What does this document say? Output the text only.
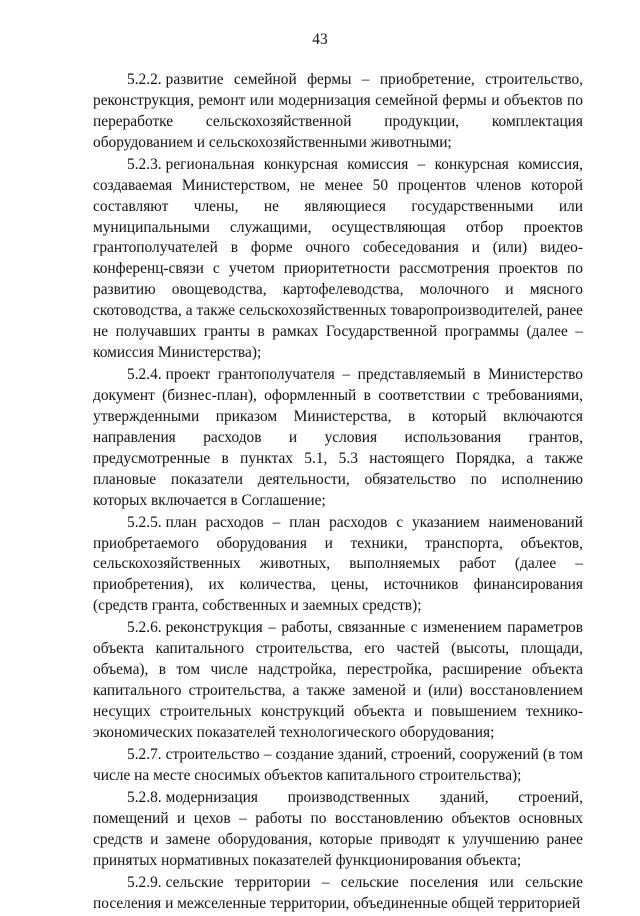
43

5.2.2. развитие семейной фермы – приобретение, строительство, реконструкция, ремонт или модернизация семейной фермы и объектов по переработке сельскохозяйственной продукции, комплектация оборудованием и сельскохозяйственными животными;

5.2.3. региональная конкурсная комиссия – конкурсная комиссия, создаваемая Министерством, не менее 50 процентов членов которой составляют члены, не являющиеся государственными или муниципальными служащими, осуществляющая отбор проектов грантополучателей в форме очного собеседования и (или) видео-конференц-связи с учетом приоритетности рассмотрения проектов по развитию овощеводства, картофелеводства, молочного и мясного скотоводства, а также сельскохозяйственных товаропроизводителей, ранее не получавших гранты в рамках Государственной программы (далее – комиссия Министерства);

5.2.4. проект грантополучателя – представляемый в Министерство документ (бизнес-план), оформленный в соответствии с требованиями, утвержденными приказом Министерства, в который включаются направления расходов и условия использования грантов, предусмотренные в пунктах 5.1, 5.3 настоящего Порядка, а также плановые показатели деятельности, обязательство по исполнению которых включается в Соглашение;

5.2.5. план расходов – план расходов с указанием наименований приобретаемого оборудования и техники, транспорта, объектов, сельскохозяйственных животных, выполняемых работ (далее – приобретения), их количества, цены, источников финансирования (средств гранта, собственных и заемных средств);

5.2.6. реконструкция – работы, связанные с изменением параметров объекта капитального строительства, его частей (высоты, площади, объема), в том числе надстройка, перестройка, расширение объекта капитального строительства, а также заменой и (или) восстановлением несущих строительных конструкций объекта и повышением технико-экономических показателей технологического оборудования;

5.2.7. строительство – создание зданий, строений, сооружений (в том числе на месте сносимых объектов капитального строительства);

5.2.8. модернизация производственных зданий, строений, помещений и цехов – работы по восстановлению объектов основных средств и замене оборудования, которые приводят к улучшению ранее принятых нормативных показателей функционирования объекта;

5.2.9. сельские территории – сельские поселения или сельские поселения и межселенные территории, объединенные общей территорией
